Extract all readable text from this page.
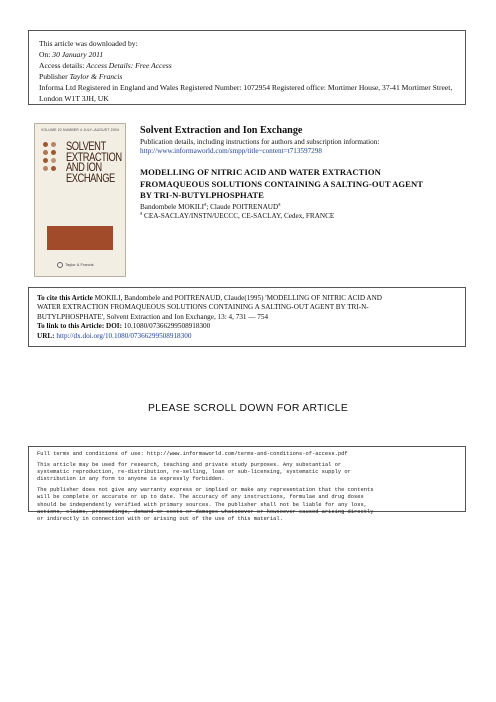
This article was downloaded by:
On: 30 January 2011
Access details: Access Details: Free Access
Publisher Taylor & Francis
Informa Ltd Registered in England and Wales Registered Number: 1072954 Registered office: Mortimer House, 37-41 Mortimer Street, London W1T 3JH, UK
VOLUME 22 NUMBER 4 JULY–AUGUST 2004
SOLVENT
EXTRACTION
AND ION
EXCHANGE
Taylor & Francis
Solvent Extraction and Ion Exchange
Publication details, including instructions for authors and subscription information:
http://www.informaworld.com/smpp/title~content=t713597298
MODELLING OF NITRIC ACID AND WATER EXTRACTION
FROMAQUEOUS SOLUTIONS CONTAINING A SALTING-OUT AGENT
BY TRI-N-BUTYLPHOSPHATE
Bandombele MOKILI$^a$; Claude POITRENAUD$^a$
$^a$ CEA-SACLAY/INSTN/UECCC, CE-SACLAY, Cedex, FRANCE
To cite this Article MOKILI, Bandombele and POITRENAUD, Claude(1995) 'MODELLING OF NITRIC ACID AND
WATER EXTRACTION FROMAQUEOUS SOLUTIONS CONTAINING A SALTING-OUT AGENT BY TRI-N-
BUTYLPHOSPHATE', Solvent Extraction and Ion Exchange, 13: 4, 731 — 754
To link to this Article: DOI: 10.1080/07366299508918300
URL: http://dx.doi.org/10.1080/07366299508918300
PLEASE SCROLL DOWN FOR ARTICLE
Full terms and conditions of use: http://www.informaworld.com/terms-and-conditions-of-access.pdf
This article may be used for research, teaching and private study purposes. Any substantial or
systematic reproduction, re-distribution, re-selling, loan or sub-licensing, systematic supply or
distribution in any form to anyone is expressly forbidden.
The publisher does not give any warranty express or implied or make any representation that the contents
will be complete or accurate or up to date. The accuracy of any instructions, formulae and drug doses
should be independently verified with primary sources. The publisher shall not be liable for any loss,
actions, claims, proceedings, demand or costs or damages whatsoever or howsoever caused arising directly
or indirectly in connection with or arising out of the use of this material.
